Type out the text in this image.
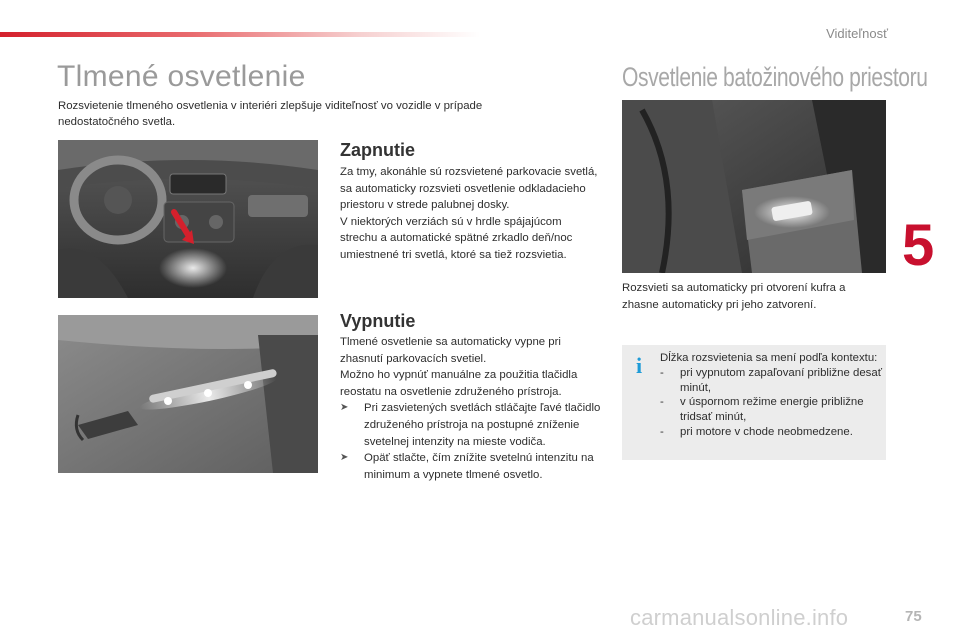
Viditeľnosť
5
75
Tlmené osvetlenie
Rozsvietenie tlmeného osvetlenia v interiéri zlepšuje viditeľnosť vo vozidle v prípade nedostatočného svetla.
Zapnutie

Za tmy, akonáhle sú rozsvietené parkovacie svetlá, sa automaticky rozsvieti osvetlenie odkladacieho priestoru v strede palubnej dosky.

V niektorých verziách sú v hrdle spájajúcom strechu a automatické spätné zrkadlo deň/noc umiestnené tri svetlá, ktoré sa tiež rozsvietia.

Vypnutie

Tlmené osvetlenie sa automaticky vypne pri zhasnutí parkovacích svetiel.

Možno ho vypnúť manuálne za použitia tlačidla reostatu na osvetlenie združeného prístroja.

➤	Pri zasvietených svetlách stláčajte ľavé tlačidlo združeného prístroja na postupné zníženie svetelnej intenzity na mieste vodiča.
➤	Opäť stlačte, čím znížite svetelnú intenzitu na minimum a vypnete tlmené osvetlo.
Osvetlenie batožinového priestoru
Rozsvieti sa automaticky pri otvorení kufra a zhasne automaticky pri jeho zatvorení.
i Dĺžka rozsvietenia sa mení podľa kontextu:

-	pri vypnutom zapaľovaní približne desať minút,
-	v úspornom režime energie približne tridsať minút,
-	pri motore v chode neobmedzene.
carmanualsonline.info
